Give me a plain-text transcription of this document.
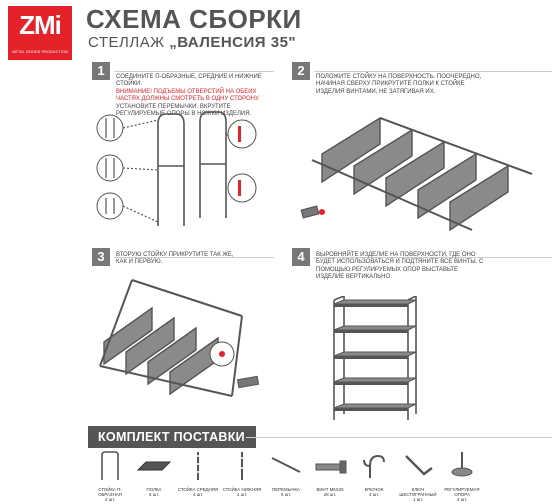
ZMi
METAL GOODS PRODUCTION
СХЕМА СБОРКИ
СТЕЛЛАЖ „ВАЛЕНСИЯ 35"
1	СОЕДИНИТЕ П-ОБРАЗНЫЕ, СРЕДНИЕ И НИЖНИЕ СТОЙКИ.
ВНИМАНИЕ! ПОДЪЕМЫ ОТВЕРСТИЙ НА ОБЕИХ ЧАСТЯХ ДОЛЖНЫ СМОТРЕТЬ В ОДНУ СТОРОНУ.
УСТАНОВИТЕ ПЕРЕМЫЧКИ. ВКРУТИТЕ РЕГУЛИРУЕМЫЕ ОПОРЫ В НОЖКИ ИЗДЕЛИЯ.
2	ПОЛОЖИТЕ СТОЙКУ НА ПОВЕРХНОСТЬ. ПООЧЕРЕДНО, НАЧИНАЯ СВЕРХУ ПРИКРУТИТЕ ПОЛКИ К СТОЙКЕ ИЗДЕЛИЯ ВИНТАМИ, НЕ ЗАТЯГИВАЯ ИХ.
3	ВТОРУЮ СТОЙКУ ПРИКРУТИТЕ ТАК ЖЕ, КАК И ПЕРВУЮ.	4	ВЫРОВНЯЙТЕ ИЗДЕЛИЕ НА ПОВЕРХНОСТИ, ГДЕ ОНО БУДЕТ ИСПОЛЬЗОВАТЬСЯ И ПОДТЯНИТЕ ВСЕ ВИНТЫ. С ПОМОЩЬЮ РЕГУЛИРУЕМЫХ ОПОР ВЫСТАВЬТЕ ИЗДЕЛИЕ ВЕРТИКАЛЬНО.
КОМПЛЕКТ ПОСТАВКИ
СТОЙКА П-ОБРАЗНАЯ
2 шт.
ПОЛКА
5 шт.
СТОЙКА СРЕДНЯЯ
4 шт.
СТОЙКА НИЖНЯЯ
4 шт.
ПЕРЕМЫЧКА
6 шт.
ВИНТ М5Х25
28 шт.
КРЮЧОК
2 шт.
КЛЮЧ ШЕСТИГРАННЫЙ
1 шт.
РЕГУЛИРУЕМАЯ ОПОРА
4 шт.
